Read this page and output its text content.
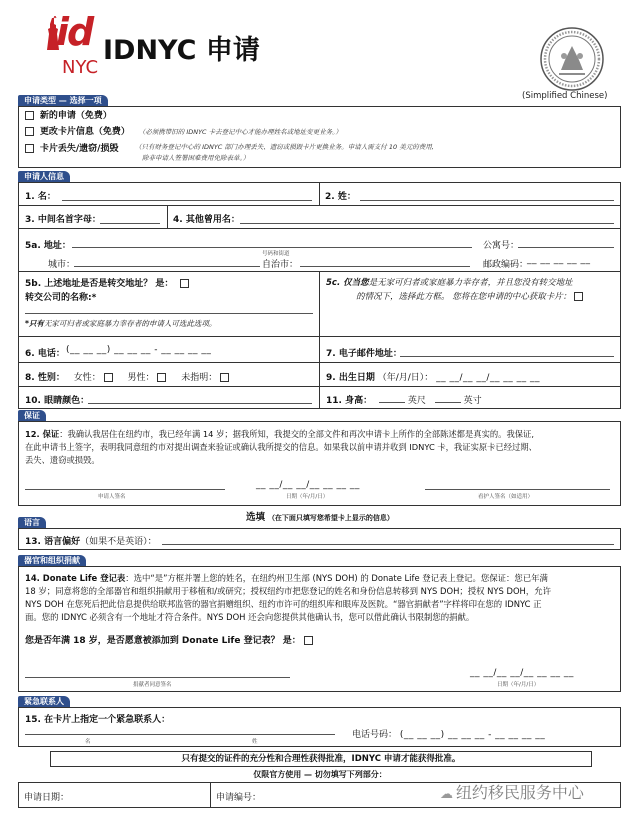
id
NYC
IDNYC 申请
(Simplified Chinese)
申请类型 — 选择一项
新的申请（免费）
更改卡片信息（免费） （必须携带旧的 IDNYC 卡去登记中心才能办理姓名或地址变更业务。）
卡片丢失/遗窃/损毁	（只有财务登记中心的 IDNYC 部门办理丢失、遗窃或损毁卡片更换业务。申请人需支付 10 美元的费用,
除非申请人签署困难费用免除表单。）
申请人信息
1. 名：	2. 姓：
3. 中间名首字母：	4. 其他曾用名：
5a. 地址：
号码和街道
公寓号：
城市：	自治市：	邮政编码：
__ __ __ __ __
5b. 上述地址是否是转交地址？ 是：
转交公司的名称:*
*只有无家可归者或家庭暴力幸存者的申请人可选此选项。
5c. 仅当您是无家可归者或家庭暴力幸存者，并且您没有转交地址
的情况下，选择此方框。 您将在您申请的中心获取卡片：
6. 电话： (__ __ __) __ __ __ - __ __ __ __	7. 电子邮件地址：
8. 性别： 女性：	男性：	未指明：	9. 出生日期 （年/月/日）： __ __/__ __/__ __ __ __
10. 眼睛颜色：	11. 身高：	英尺	英寸
保证
12. 保证：我确认我居住在纽约市，我已经年满 14 岁；据我所知，我提交的全部文件和再次申请卡上所作的全部陈述都是真实的。我保证,
在此申请书上签字，表明我同意纽约市对提出调查来验证或确认我所提交的信息。如果我以前申请并收到 IDNYC 卡，我证实原卡已经过期、
丢失、遗窃或损毁。
申请人签名
__ __/__ __/__ __ __ __
日期（年/月/日）	看护人签名（如适用）
选填 （在下面只填写您希望卡上显示的信息）
语言
13. 语言偏好（如果不是英语）：
器官和组织捐献
14. Donate Life 登记表：选中“是”方框并署上您的姓名，在纽约州卫生部 (NYS DOH) 的 Donate Life 登记表上登记。您保证：您已年满
18 岁；同意将您的全部器官和组织捐献用于移植和/或研究；授权纽约市把您登记的姓名和身份信息转移到 NYS DOH；授权 NYS DOH，允许
NYS DOH 在您死后把此信息提供给联邦监管的器官捐赠组织、纽约市许可的组织库和眼库及医院。“器官捐献者”字样将印在您的 IDNYC 正
面。您的 IDNYC 必须含有一个地址才符合条件。NYS DOH 还会向您提供其他确认书，您可以借此确认书限制您的捐献。
您是否年满 18 岁，是否愿意被添加到 Donate Life 登记表？ 是：
捐献者同意签名
__ __/__ __/__ __ __ __
日期（年/月/日）
紧急联系人
15. 在卡片上指定一个紧急联系人：
名	姓
电话号码： (__ __ __) __ __ __ - __ __ __ __
只有提交的证件的充分性和合理性获得批准，IDNYC 申请才能获得批准。
仅限官方使用 — 切勿填写下列部分：
申请日期：	申请编号：	☁ 纽约移民服务中心
